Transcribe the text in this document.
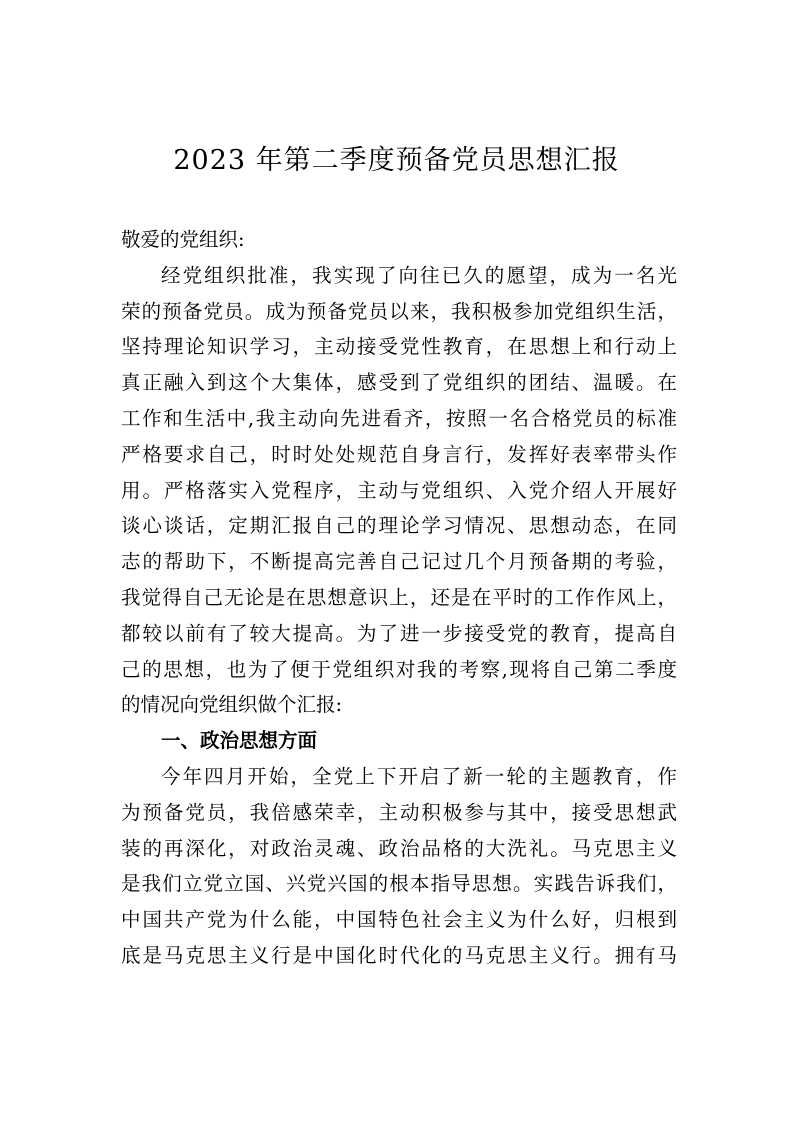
2023 年第二季度预备党员思想汇报
敬爱的党组织:
经党组织批准，我实现了向往已久的愿望，成为一名光
荣的预备党员。成为预备党员以来，我积极参加党组织生活，
坚持理论知识学习，主动接受党性教育，在思想上和行动上
真正融入到这个大集体，感受到了党组织的团结、温暖。在
工作和生活中,我主动向先进看齐，按照一名合格党员的标准
严格要求自己，时时处处规范自身言行，发挥好表率带头作
用。严格落实入党程序，主动与党组织、入党介绍人开展好
谈心谈话，定期汇报自己的理论学习情况、思想动态，在同
志的帮助下，不断提高完善自己记过几个月预备期的考验，
我觉得自己无论是在思想意识上，还是在平时的工作作风上，
都较以前有了较大提高。为了进一步接受党的教育，提高自
己的思想，也为了便于党组织对我的考察,现将自己第二季度
的情况向党组织做个汇报:
一、政治思想方面
今年四月开始，全党上下开启了新一轮的主题教育，作
为预备党员，我倍感荣幸，主动积极参与其中，接受思想武
装的再深化，对政治灵魂、政治品格的大洗礼。马克思主义
是我们立党立国、兴党兴国的根本指导思想。实践告诉我们，
中国共产党为什么能，中国特色社会主义为什么好，归根到
底是马克思主义行是中国化时代化的马克思主义行。拥有马
